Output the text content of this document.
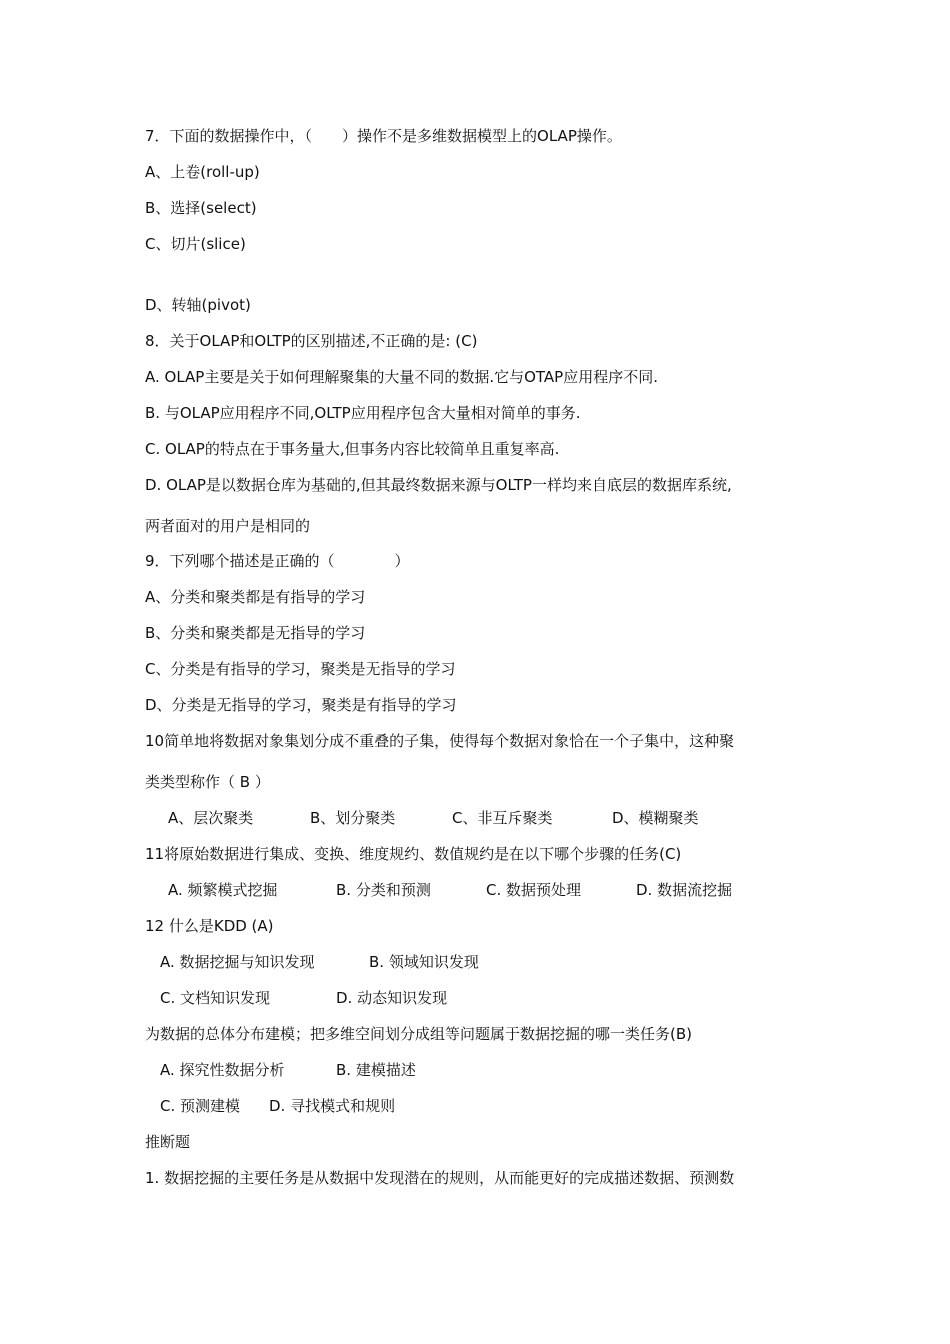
7．下面的数据操作中，（　　）操作不是多维数据模型上的OLAP操作。
A、上卷(roll-up)
B、选择(select)
C、切片(slice)
D、转轴(pivot)
8．关于OLAP和OLTP的区别描述,不正确的是: (C)
A. OLAP主要是关于如何理解聚集的大量不同的数据.它与OTAP应用程序不同.
B. 与OLAP应用程序不同,OLTP应用程序包含大量相对简单的事务.
C. OLAP的特点在于事务量大,但事务内容比较简单且重复率高.
D. OLAP是以数据仓库为基础的,但其最终数据来源与OLTP一样均来自底层的数据库系统,
两者面对的用户是相同的
9．下列哪个描述是正确的（　　　　）
A、分类和聚类都是有指导的学习
B、分类和聚类都是无指导的学习
C、分类是有指导的学习，聚类是无指导的学习
D、分类是无指导的学习，聚类是有指导的学习
10简单地将数据对象集划分成不重叠的子集，使得每个数据对象恰在一个子集中，这种聚
类类型称作（ B ）
A、层次聚类	B、划分聚类	C、非互斥聚类	D、模糊聚类
11将原始数据进行集成、变换、维度规约、数值规约是在以下哪个步骤的任务(C)
A. 频繁模式挖掘	B. 分类和预测	C. 数据预处理	D. 数据流挖掘
12 什么是KDD (A)
A. 数据挖掘与知识发现	B. 领域知识发现
C. 文档知识发现	D. 动态知识发现
为数据的总体分布建模；把多维空间划分成组等问题属于数据挖掘的哪一类任务(B)
A. 探究性数据分析	B. 建模描述
C. 预测建模	D. 寻找模式和规则
推断题
1. 数据挖掘的主要任务是从数据中发现潜在的规则，从而能更好的完成描述数据、预测数
